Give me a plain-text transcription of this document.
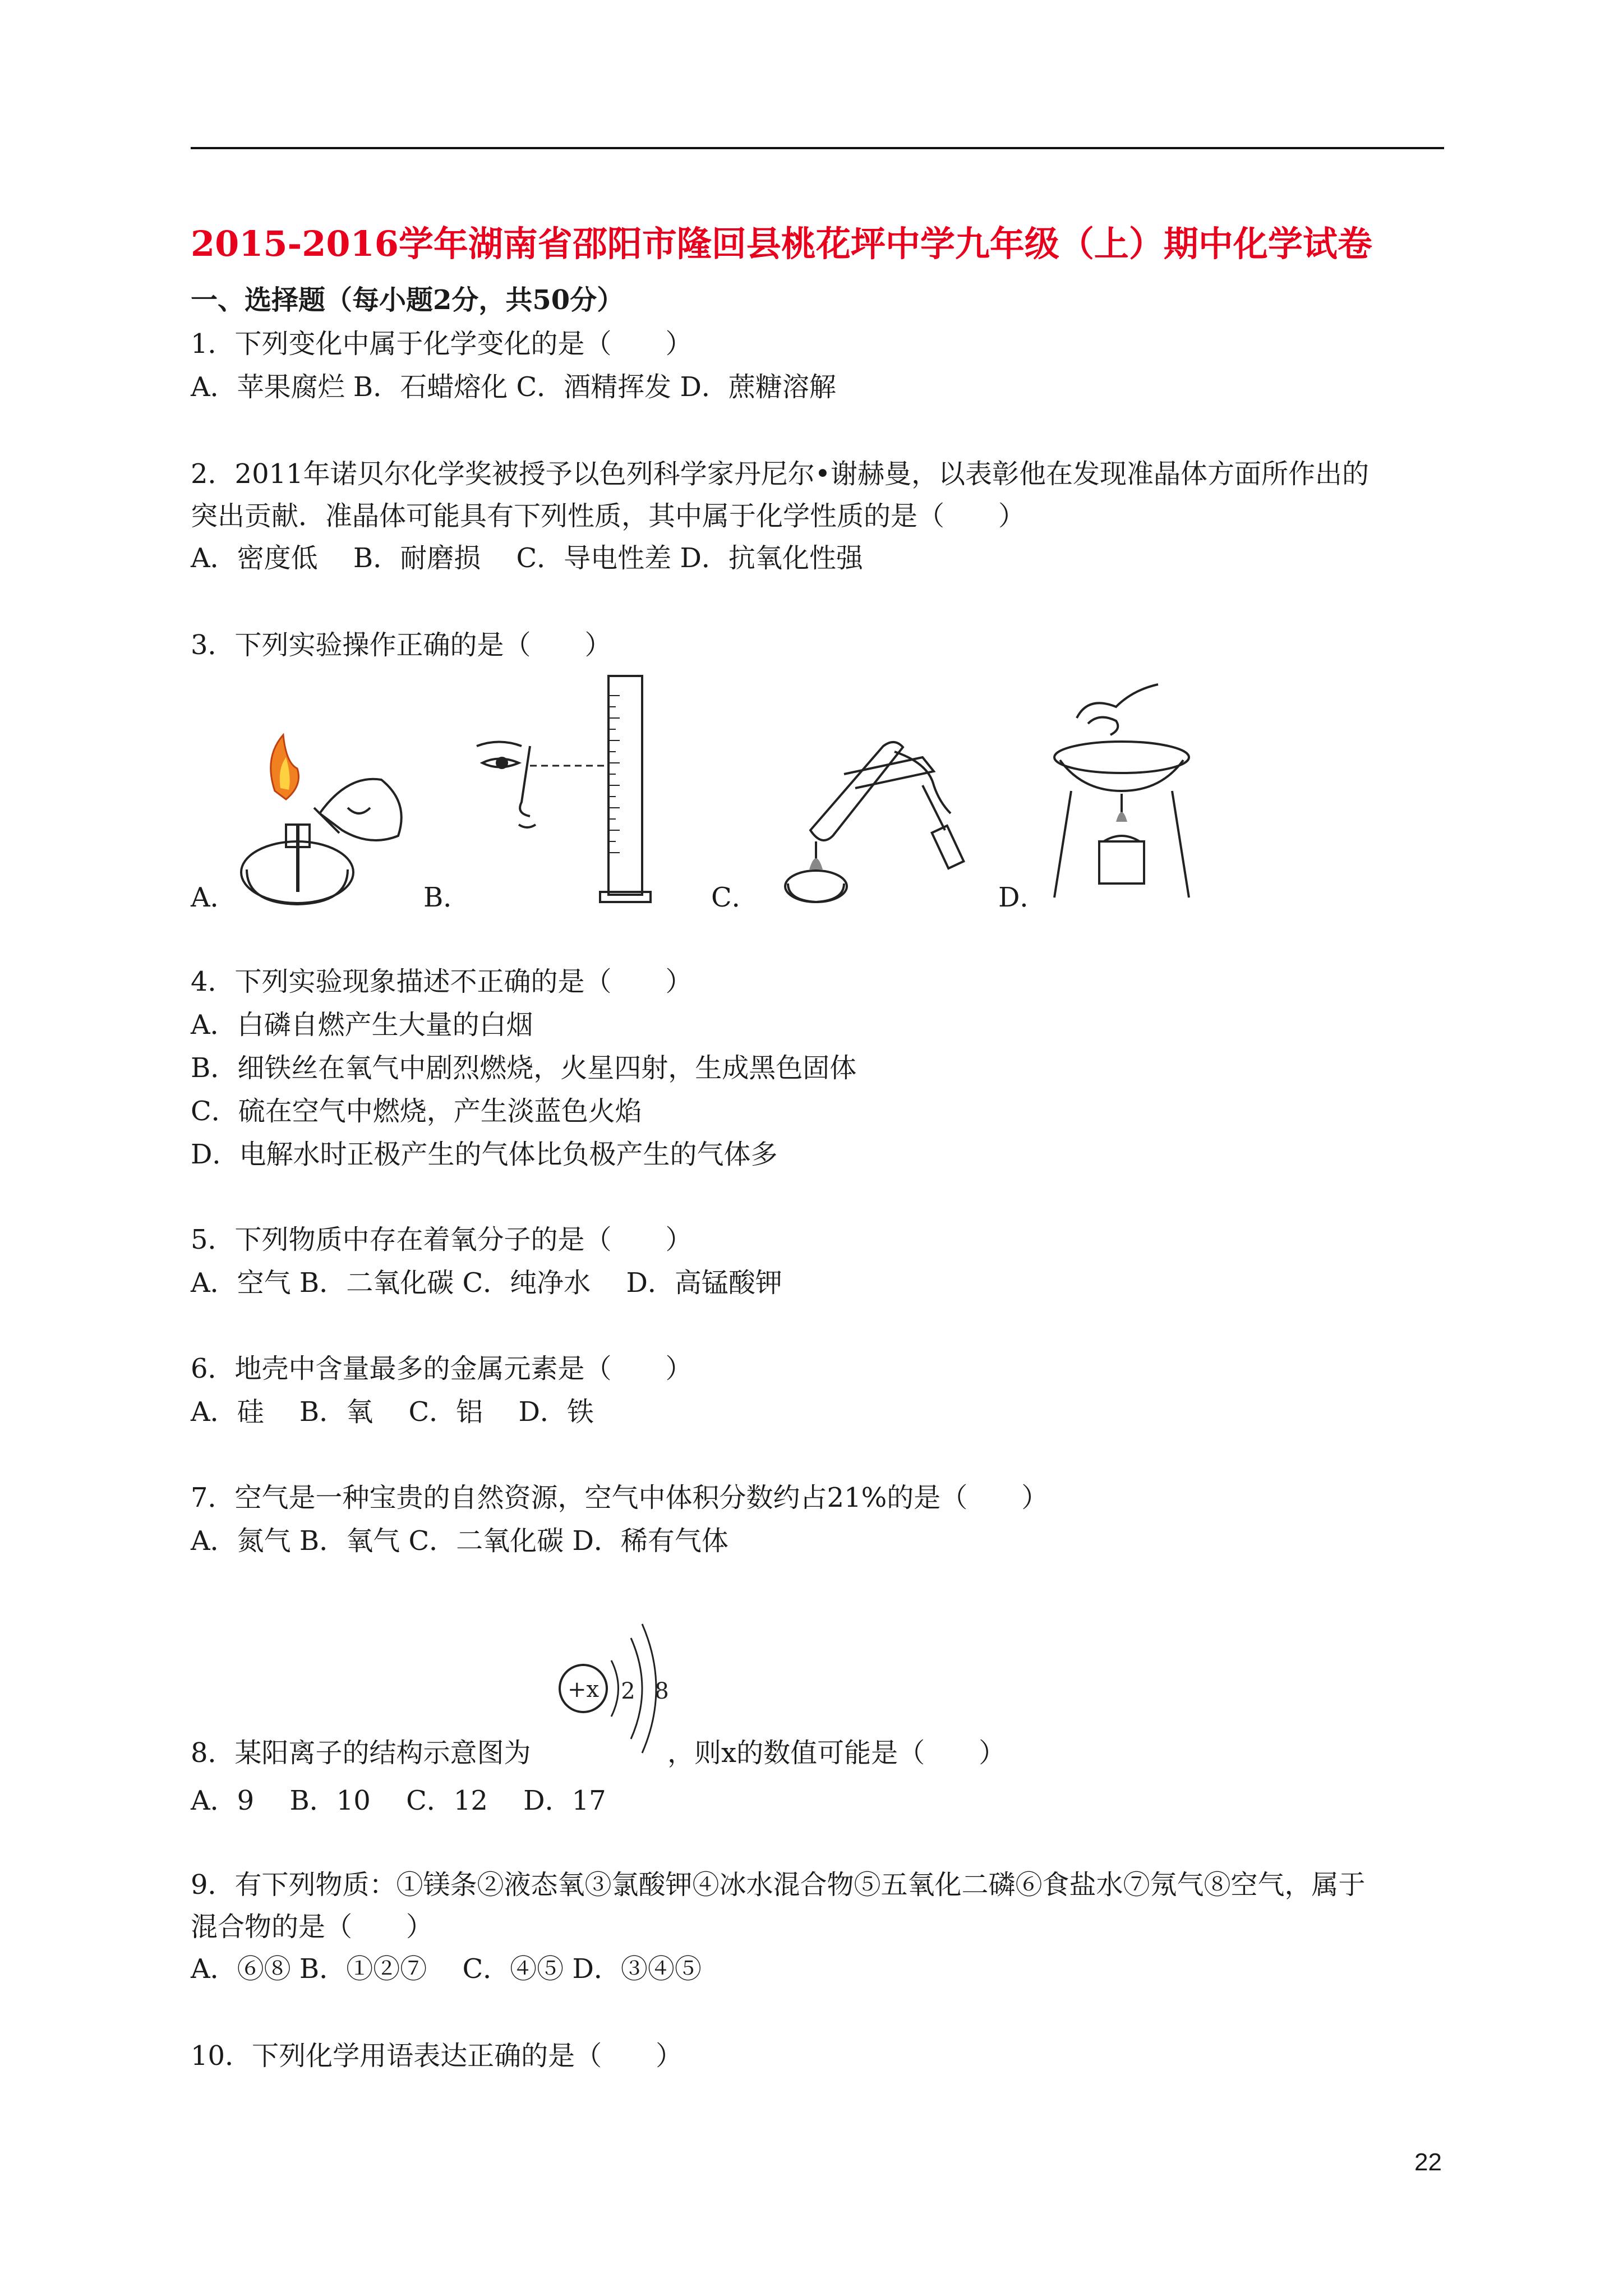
2015-2016学年湖南省邵阳市隆回县桃花坪中学九年级（上）期中化学试卷
一、选择题（每小题2分，共50分）
1．下列变化中属于化学变化的是（　　）
A．苹果腐烂 B．石蜡熔化 C．酒精挥发 D．蔗糖溶解
2．2011年诺贝尔化学奖被授予以色列科学家丹尼尔•谢赫曼，以表彰他在发现准晶体方面所作出的
突出贡献．准晶体可能具有下列性质，其中属于化学性质的是（　　）
A．密度低　 B．耐磨损　 C．导电性差 D．抗氧化性强
3．下列实验操作正确的是（　　）
A．	B．	C．	D．
4．下列实验现象描述不正确的是（　　）
A．白磷自燃产生大量的白烟
B．细铁丝在氧气中剧烈燃烧，火星四射，生成黑色固体
C．硫在空气中燃烧，产生淡蓝色火焰
D．电解水时正极产生的气体比负极产生的气体多
5．下列物质中存在着氧分子的是（　　）
A．空气 B．二氧化碳 C．纯净水　 D．高锰酸钾
6．地壳中含量最多的金属元素是（　　）
A．硅　 B．氧　 C．铝　 D．铁
7．空气是一种宝贵的自然资源，空气中体积分数约占21%的是（　　）
A．氮气 B．氧气 C．二氧化碳 D．稀有气体
8．某阳离子的结构示意图为
+x 2 8
，则x的数值可能是（　　）
A．9　 B．10　 C．12　 D．17
9．有下列物质：①镁条②液态氧③氯酸钾④冰水混合物⑤五氧化二磷⑥食盐水⑦氖气⑧空气，属于
混合物的是（　　）
A．⑥⑧ B．①②⑦　 C．④⑤ D．③④⑤
10．下列化学用语表达正确的是（　　）
22
